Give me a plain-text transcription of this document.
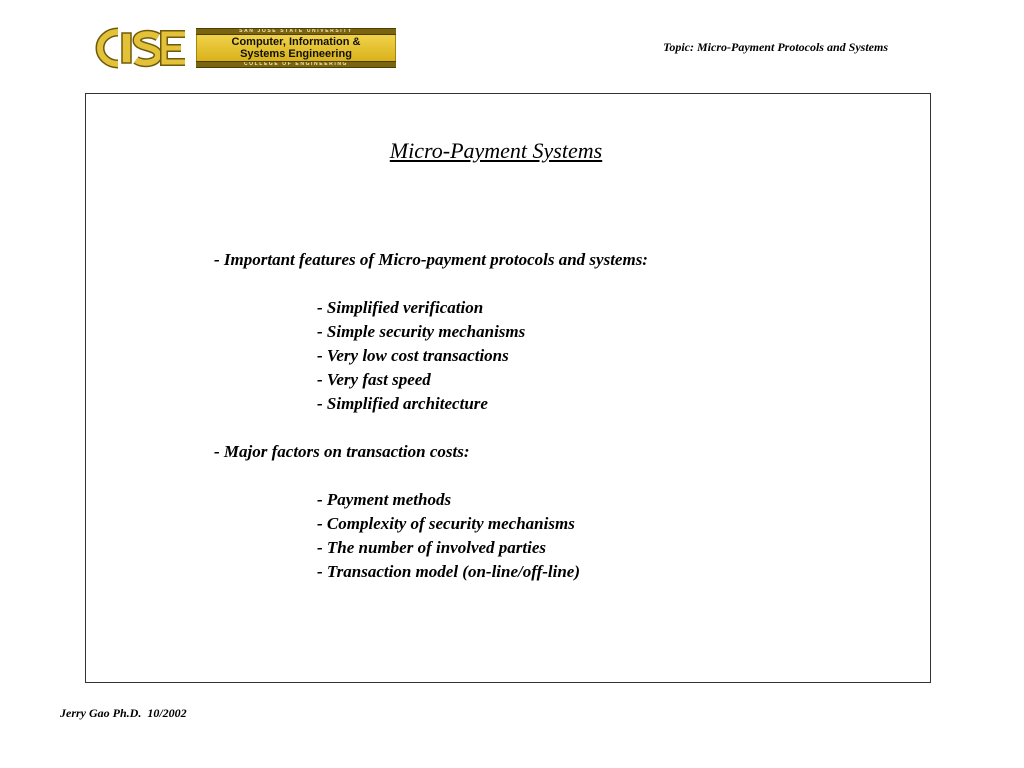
SAN JOSE STATE UNIVERSITY
Computer, Information &
Systems Engineering
COLLEGE OF ENGINEERING
Topic: Micro-Payment Protocols and Systems
Micro-Payment Systems
- Important features of Micro-payment protocols and systems:
- Simplified verification
- Simple security mechanisms
- Very low cost transactions
- Very fast speed
- Simplified architecture
- Major factors on transaction costs:
- Payment methods
- Complexity of security mechanisms
- The number of involved parties
- Transaction model (on-line/off-line)
Jerry Gao Ph.D.  10/2002
